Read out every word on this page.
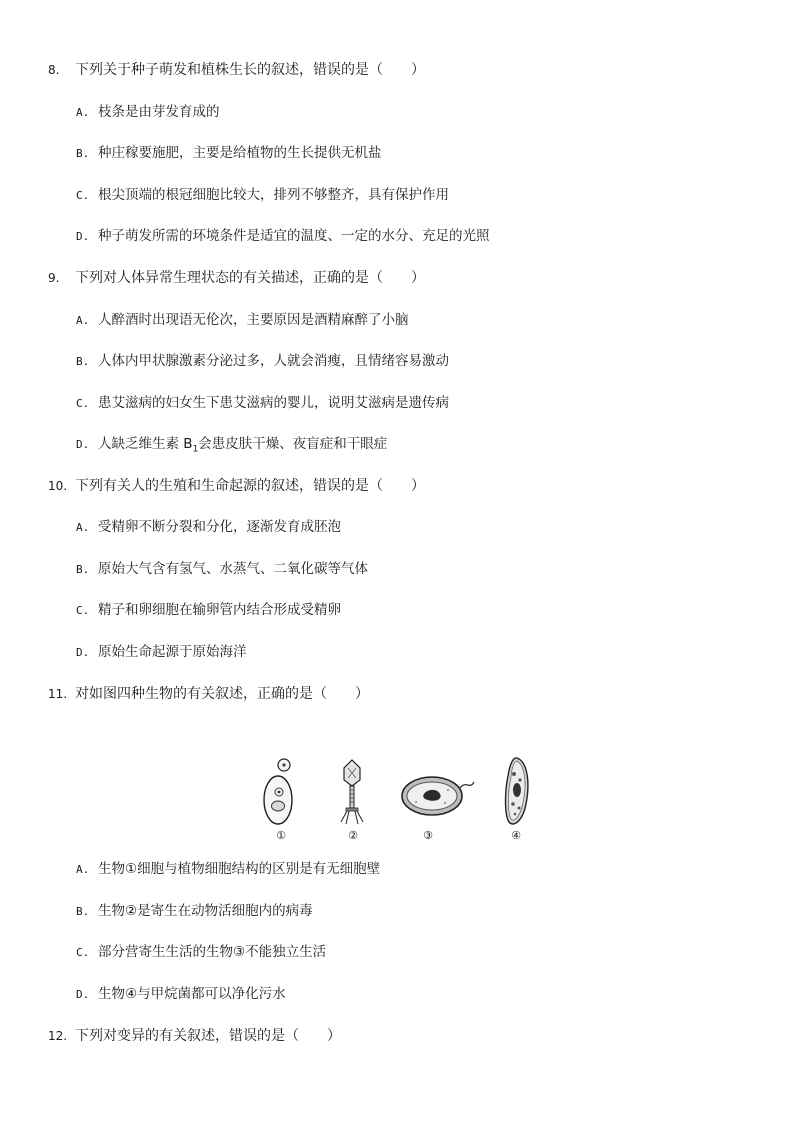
8. 下列关于种子萌发和植株生长的叙述，错误的是（　　）
A. 枝条是由芽发育成的
B. 种庄稼要施肥，主要是给植物的生长提供无机盐
C. 根尖顶端的根冠细胞比较大，排列不够整齐，具有保护作用
D. 种子萌发所需的环境条件是适宜的温度、一定的水分、充足的光照
9. 下列对人体异常生理状态的有关描述，正确的是（　　）
A. 人醉酒时出现语无伦次，主要原因是酒精麻醉了小脑
B. 人体内甲状腺激素分泌过多，人就会消瘦，且情绪容易激动
C. 患艾滋病的妇女生下患艾滋病的婴儿，说明艾滋病是遗传病
D. 人缺乏维生素 $B_1$会患皮肤干燥、夜盲症和干眼症
10. 下列有关人的生殖和生命起源的叙述，错误的是（　　）
A. 受精卵不断分裂和分化，逐渐发育成胚泡
B. 原始大气含有氢气、水蒸气、二氧化碳等气体
C. 精子和卵细胞在输卵管内结合形成受精卵
D. 原始生命起源于原始海洋
11. 对如图四种生物的有关叙述，正确的是（　　）
①	②	③	④
A. 生物①细胞与植物细胞结构的区别是有无细胞壁
B. 生物②是寄生在动物活细胞内的病毒
C. 部分营寄生生活的生物③不能独立生活
D. 生物④与甲烷菌都可以净化污水
12. 下列对变异的有关叙述，错误的是（　　）
